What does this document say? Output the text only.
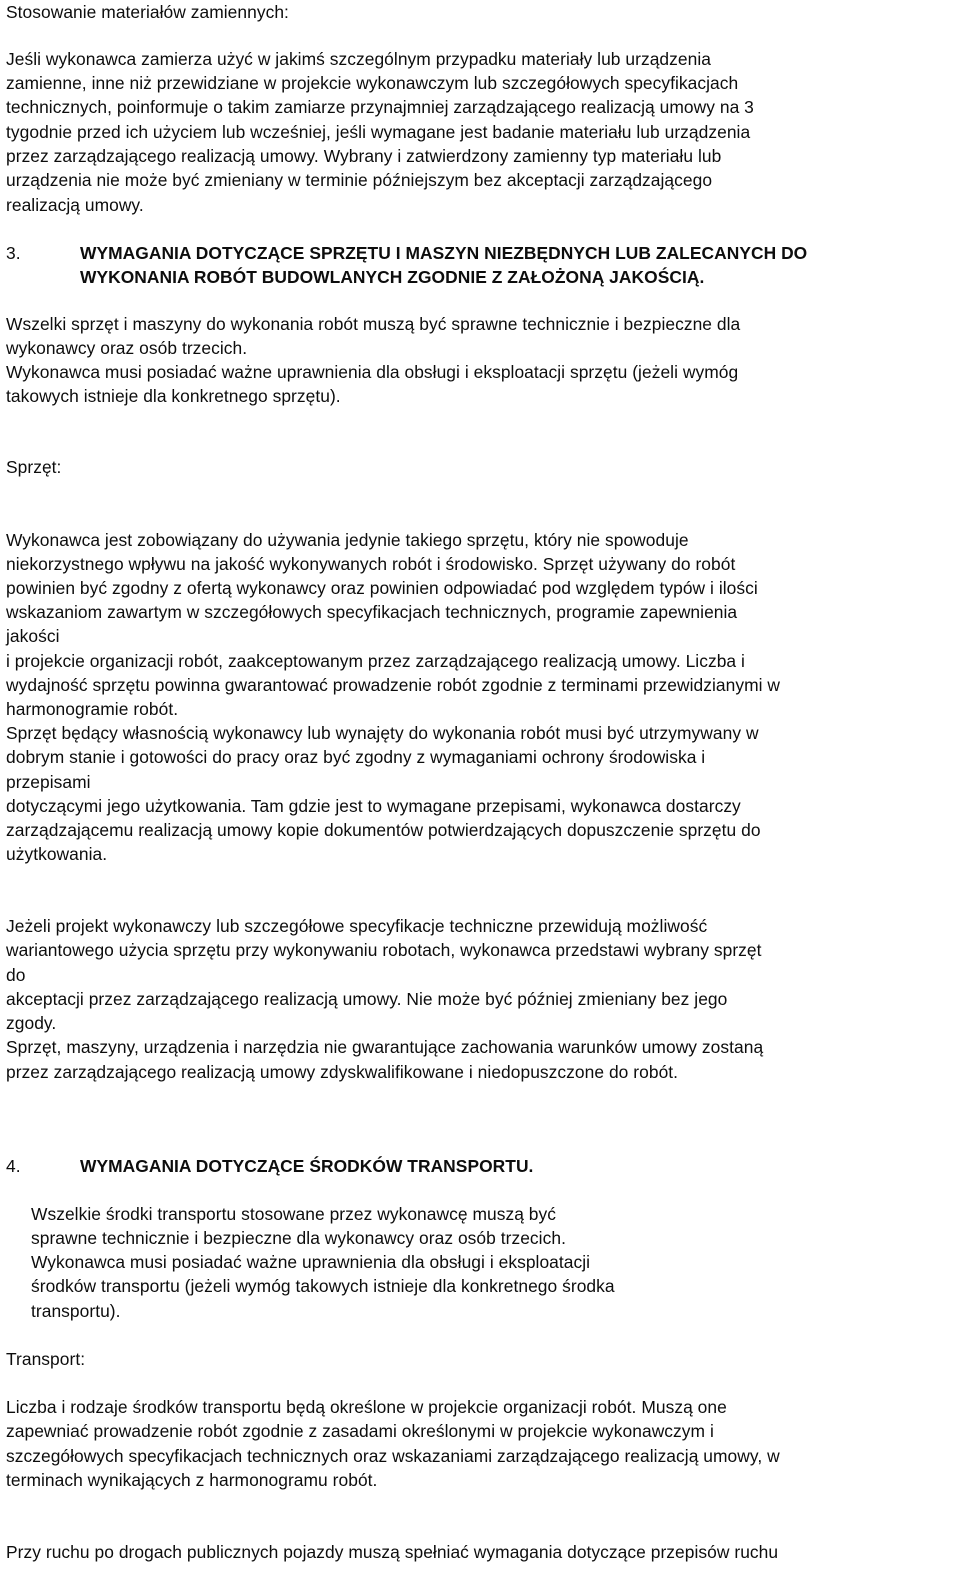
Stosowanie materiałów zamiennych:
Jeśli wykonawca zamierza użyć w jakimś szczególnym przypadku materiały lub urządzenia
zamienne, inne niż przewidziane w projekcie wykonawczym lub szczegółowych specyfikacjach
technicznych, poinformuje o takim zamiarze przynajmniej zarządzającego realizacją umowy na 3
tygodnie przed ich użyciem lub wcześniej, jeśli wymagane jest badanie materiału lub urządzenia
przez zarządzającego realizacją umowy. Wybrany i zatwierdzony zamienny typ materiału lub
urządzenia nie może być zmieniany w terminie późniejszym bez akceptacji zarządzającego
realizacją umowy.
3.	WYMAGANIA DOTYCZĄCE SPRZĘTU I MASZYN NIEZBĘDNYCH LUB ZALECANYCH DO
WYKONANIA ROBÓT BUDOWLANYCH ZGODNIE Z ZAŁOŻONĄ JAKOŚCIĄ.
Wszelki sprzęt i maszyny do wykonania robót muszą być sprawne technicznie i bezpieczne dla
wykonawcy oraz osób trzecich.
Wykonawca musi posiadać ważne uprawnienia dla obsługi i eksploatacji sprzętu (jeżeli wymóg
takowych istnieje dla konkretnego sprzętu).
Sprzęt:
Wykonawca jest zobowiązany do używania jedynie takiego sprzętu, który nie spowoduje
niekorzystnego wpływu na jakość wykonywanych robót i środowisko. Sprzęt używany do robót
powinien być zgodny z ofertą wykonawcy oraz powinien odpowiadać pod względem typów i ilości
wskazaniom zawartym w szczegółowych specyfikacjach technicznych, programie zapewnienia
jakości
i projekcie organizacji robót, zaakceptowanym przez zarządzającego realizacją umowy. Liczba i
wydajność sprzętu powinna gwarantować prowadzenie robót zgodnie z terminami przewidzianymi w
harmonogramie robót.
Sprzęt będący własnością wykonawcy lub wynajęty do wykonania robót musi być utrzymywany w
dobrym stanie i gotowości do pracy oraz być zgodny z wymaganiami ochrony środowiska i
przepisami
dotyczącymi jego użytkowania. Tam gdzie jest to wymagane przepisami, wykonawca dostarczy
zarządzającemu realizacją umowy kopie dokumentów potwierdzających dopuszczenie sprzętu do
użytkowania.
Jeżeli projekt wykonawczy lub szczegółowe specyfikacje techniczne przewidują możliwość
wariantowego użycia sprzętu przy wykonywaniu robotach, wykonawca przedstawi wybrany sprzęt
do
akceptacji przez zarządzającego realizacją umowy. Nie może być później zmieniany bez jego
zgody.
Sprzęt, maszyny, urządzenia i narzędzia nie gwarantujące zachowania warunków umowy zostaną
przez zarządzającego realizacją umowy zdyskwalifikowane i niedopuszczone do robót.
4.	WYMAGANIA DOTYCZĄCE ŚRODKÓW TRANSPORTU.
Wszelkie środki transportu stosowane przez wykonawcę muszą być
sprawne technicznie i bezpieczne dla wykonawcy oraz osób trzecich.
Wykonawca musi posiadać ważne uprawnienia dla obsługi i eksploatacji
środków transportu (jeżeli wymóg takowych istnieje dla konkretnego środka
transportu).
Transport:
Liczba i rodzaje środków transportu będą określone w projekcie organizacji robót. Muszą one
zapewniać prowadzenie robót zgodnie z zasadami określonymi w projekcie wykonawczym i
szczegółowych specyfikacjach technicznych oraz wskazaniami zarządzającego realizacją umowy, w
terminach wynikających z harmonogramu robót.
Przy ruchu po drogach publicznych pojazdy muszą spełniać wymagania dotyczące przepisów ruchu
